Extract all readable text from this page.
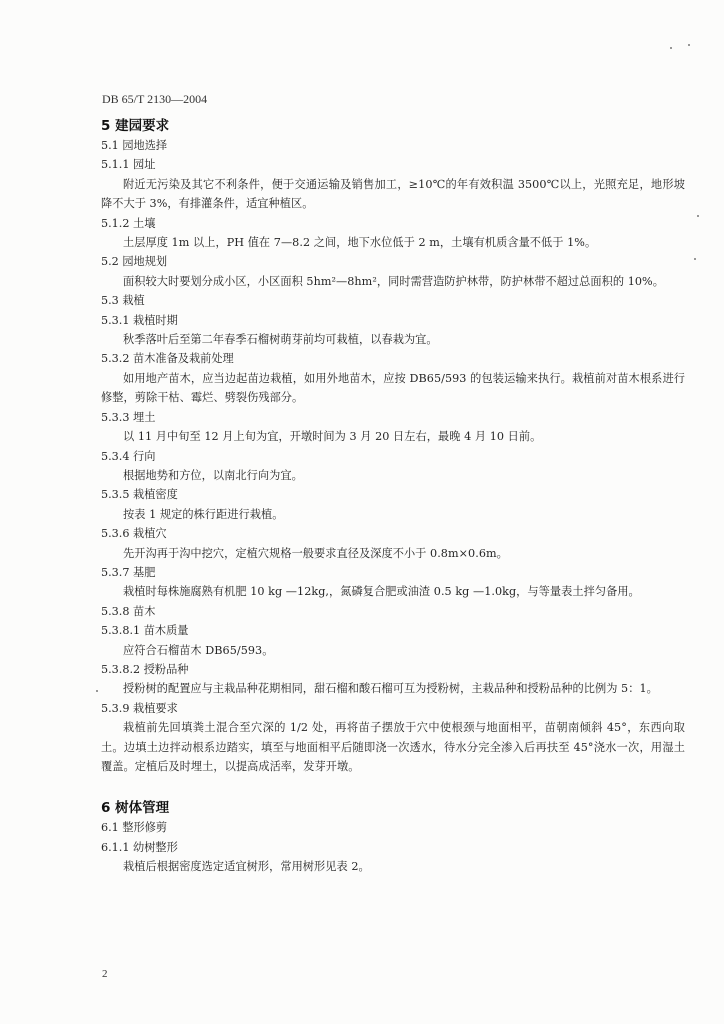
DB 65/T 2130—2004
5 建园要求
5.1 园地选择
5.1.1 园址
附近无污染及其它不利条件，便于交通运输及销售加工，≥10℃的年有效积温 3500℃以上，光照充足，地形坡降不大于 3%，有排灌条件，适宜种植区。
5.1.2 土壤
土层厚度 1m 以上，PH 值在 7—8.2 之间，地下水位低于 2 m，土壤有机质含量不低于 1%。
5.2 园地规划
面积较大时要划分成小区，小区面积 5hm²—8hm²，同时需营造防护林带，防护林带不超过总面积的 10%。
5.3 栽植
5.3.1 栽植时期
秋季落叶后至第二年春季石榴树萌芽前均可栽植，以春栽为宜。
5.3.2 苗木准备及栽前处理
如用地产苗木，应当边起苗边栽植，如用外地苗木，应按 DB65/593 的包装运输来执行。栽植前对苗木根系进行修整，剪除干枯、霉烂、劈裂伤残部分。
5.3.3 埋土
以 11 月中旬至 12 月上旬为宜，开墩时间为 3 月 20 日左右，最晚 4 月 10 日前。
5.3.4 行向
根据地势和方位，以南北行向为宜。
5.3.5 栽植密度
按表 1 规定的株行距进行栽植。
5.3.6 栽植穴
先开沟再于沟中挖穴，定植穴规格一般要求直径及深度不小于 0.8m×0.6m。
5.3.7 基肥
栽植时每株施腐熟有机肥 10 kg —12kg,，氮磷复合肥或油渣 0.5 kg —1.0kg，与等量表土拌匀备用。
5.3.8 苗木
5.3.8.1 苗木质量
应符合石榴苗木 DB65/593。
5.3.8.2 授粉品种
授粉树的配置应与主栽品种花期相同，甜石榴和酸石榴可互为授粉树，主栽品种和授粉品种的比例为 5：1。
5.3.9 栽植要求
栽植前先回填粪土混合至穴深的 1/2 处，再将苗子摆放于穴中使根颈与地面相平，苗朝南倾斜 45°，东西向取土。边填土边拌动根系边踏实，填至与地面相平后随即浇一次透水，待水分完全渗入后再扶至 45°浇水一次，用湿土覆盖。定植后及时埋土，以提高成活率，发芽开墩。
6 树体管理
6.1 整形修剪
6.1.1 幼树整形
栽植后根据密度选定适宜树形，常用树形见表 2。
2
